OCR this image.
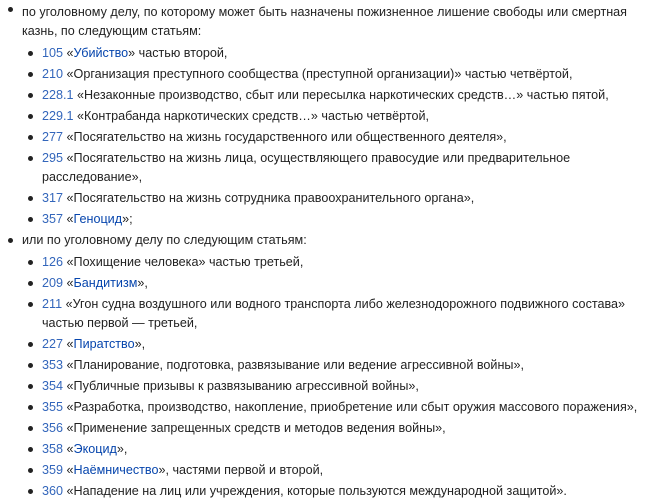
по уголовному делу, по которому может быть назначены пожизненное лишение свободы или смертная казнь, по следующим статьям:
105 «Убийство» частью второй,
210 «Организация преступного сообщества (преступной организации)» частью четвёртой,
228.1 «Незаконные производство, сбыт или пересылка наркотических средств…» частью пятой,
229.1 «Контрабанда наркотических средств…» частью четвёртой,
277 «Посягательство на жизнь государственного или общественного деятеля»,
295 «Посягательство на жизнь лица, осуществляющего правосудие или предварительное расследование»,
317 «Посягательство на жизнь сотрудника правоохранительного органа»,
357 «Геноцид»;
или по уголовному делу по следующим статьям:
126 «Похищение человека» частью третьей,
209 «Бандитизм»,
211 «Угон судна воздушного или водного транспорта либо железнодорожного подвижного состава» частью первой — третьей,
227 «Пиратство»,
353 «Планирование, подготовка, развязывание или ведение агрессивной войны»,
354 «Публичные призывы к развязыванию агрессивной войны»,
355 «Разработка, производство, накопление, приобретение или сбыт оружия массового поражения»,
356 «Применение запрещенных средств и методов ведения войны»,
358 «Экоцид»,
359 «Наёмничество», частями первой и второй,
360 «Нападение на лиц или учреждения, которые пользуются международной защитой».
